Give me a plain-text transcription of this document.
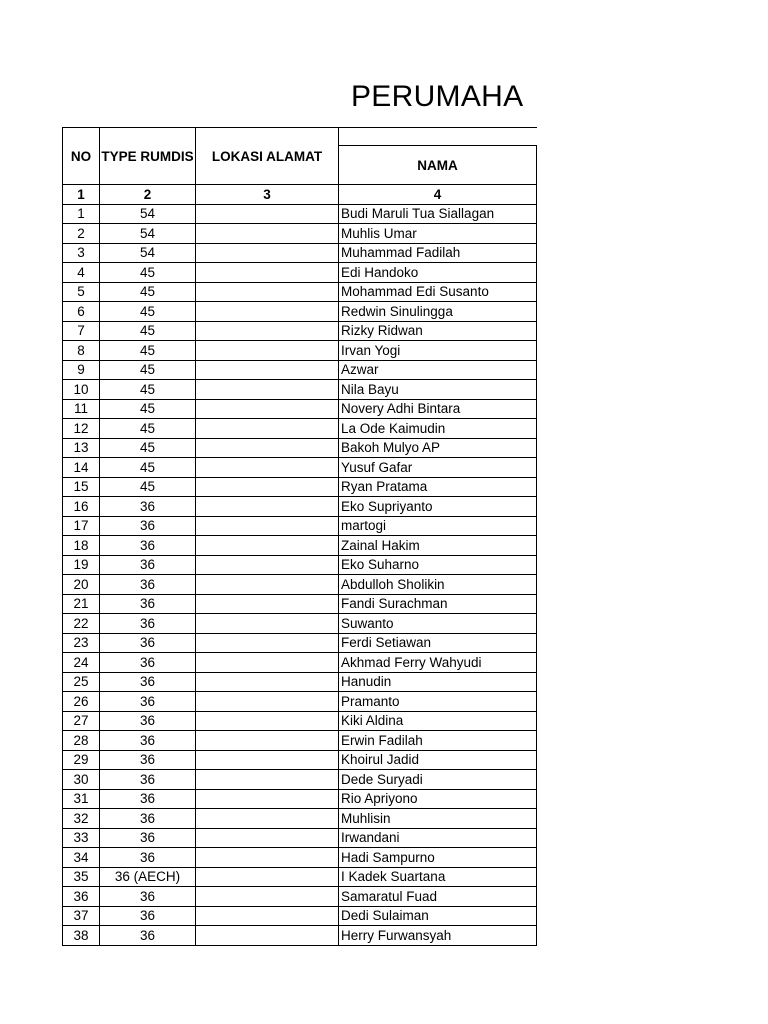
PERUMAHA
NO	TYPE RUMDIS	LOKASI ALAMAT	
			NAMA
1	2	3	4
1	54		Budi Maruli Tua Siallagan
2	54		Muhlis Umar
3	54		Muhammad Fadilah
4	45		Edi Handoko
5	45		Mohammad Edi Susanto
6	45		Redwin Sinulingga
7	45		Rizky Ridwan
8	45		Irvan Yogi
9	45		Azwar
10	45		Nila Bayu
11	45		Novery Adhi Bintara
12	45		La Ode Kaimudin
13	45		Bakoh Mulyo AP
14	45		Yusuf Gafar
15	45		Ryan Pratama
16	36		Eko Supriyanto
17	36		martogi
18	36		Zainal Hakim
19	36		Eko Suharno
20	36		Abdulloh Sholikin
21	36		Fandi Surachman
22	36		Suwanto
23	36		Ferdi Setiawan
24	36		Akhmad Ferry Wahyudi
25	36		Hanudin
26	36		Pramanto
27	36		Kiki Aldina
28	36		Erwin Fadilah
29	36		Khoirul Jadid
30	36		Dede Suryadi
31	36		Rio Apriyono
32	36		Muhlisin
33	36		Irwandani
34	36		Hadi Sampurno
35	36 (AECH)		I Kadek Suartana
36	36		Samaratul Fuad
37	36		Dedi Sulaiman
38	36		Herry Furwansyah
